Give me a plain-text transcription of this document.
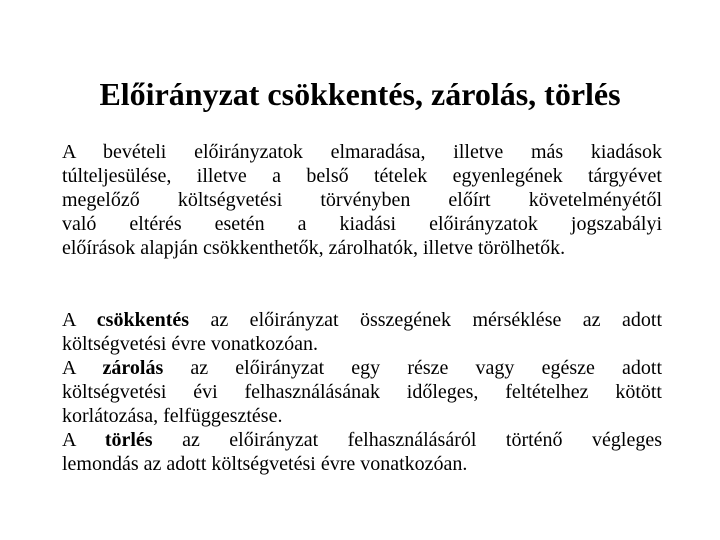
Előirányzat csökkentés, zárolás, törlés

A bevételi előirányzatok elmaradása, illetve más kiadások
túlteljesülése, illetve a belső tételek egyenlegének tárgyévet
megelőző költségvetési törvényben előírt követelményétől
való eltérés esetén a kiadási előirányzatok jogszabályi
előírások alapján csökkenthetők, zárolhatók, illetve törölhetők.

A csökkentés az előirányzat összegének mérséklése az adott
költségvetési évre vonatkozóan.

A zárolás az előirányzat egy része vagy egésze adott
költségvetési évi felhasználásának időleges, feltételhez kötött
korlátozása, felfüggesztése.

A törlés az előirányzat felhasználásáról történő végleges
lemondás az adott költségvetési évre vonatkozóan.
